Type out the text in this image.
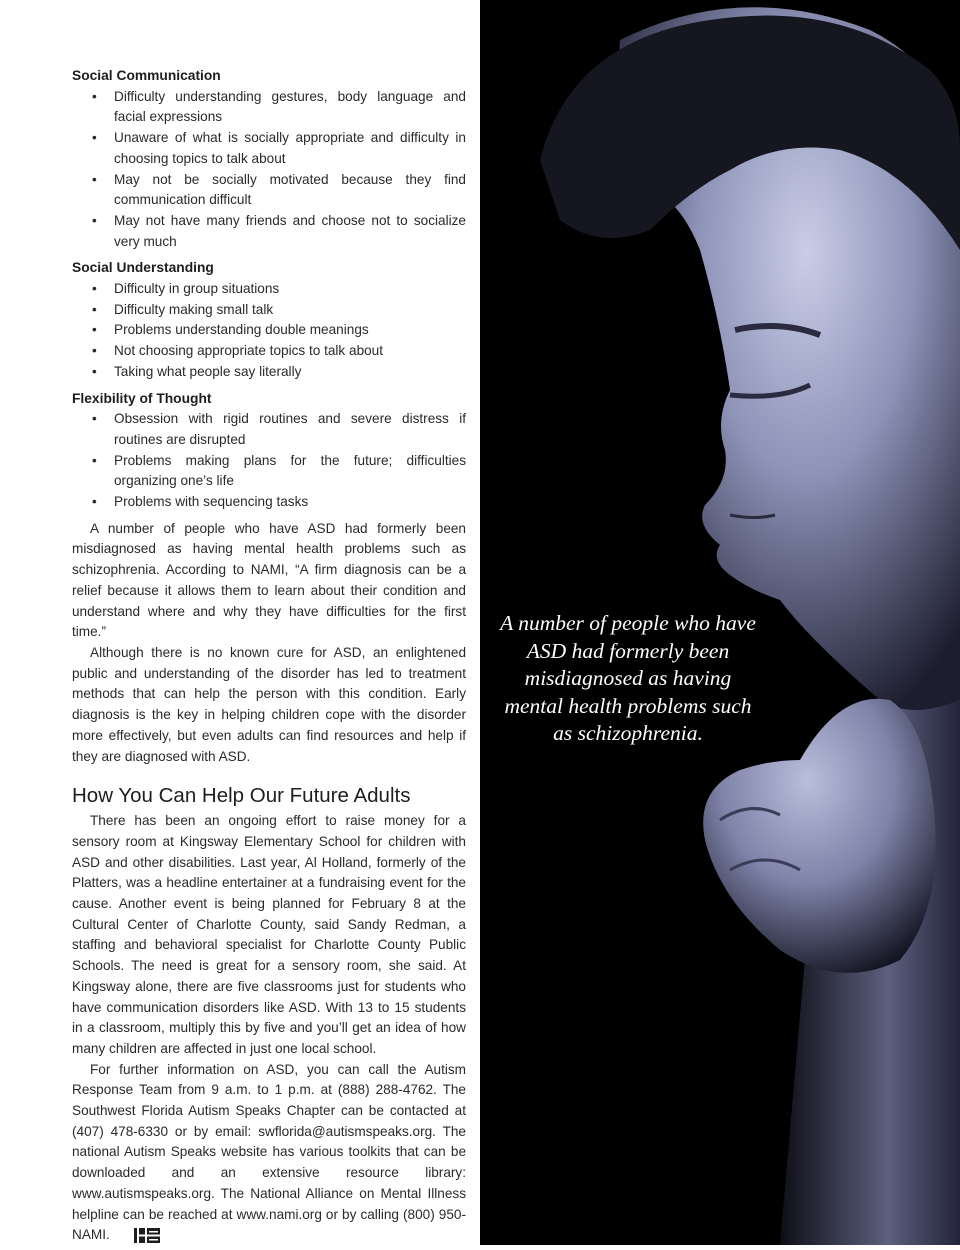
Social Communication
• Difficulty understanding gestures, body language and facial expressions
• Unaware of what is socially appropriate and difficulty in choosing topics to talk about
• May not be socially motivated because they find communication difficult
• May not have many friends and choose not to socialize very much
Social Understanding
• Difficulty in group situations
• Difficulty making small talk
• Problems understanding double meanings
• Not choosing appropriate topics to talk about
• Taking what people say literally
Flexibility of Thought
• Obsession with rigid routines and severe distress if routines are disrupted
• Problems making plans for the future; difficulties organizing one’s life
• Problems with sequencing tasks

A number of people who have ASD had formerly been misdiagnosed as having mental health problems such as schizophrenia. According to NAMI, “A firm diagnosis can be a relief because it allows them to learn about their condition and understand where and why they have difficulties for the first time.”

Although there is no known cure for ASD, an enlightened public and understanding of the disorder has led to treatment methods that can help the person with this condition. Early diagnosis is the key in helping children cope with the disorder more effectively, but even adults can find resources and help if they are diagnosed with ASD.

How You Can Help Our Future Adults

There has been an ongoing effort to raise money for a sensory room at Kingsway Elementary School for children with ASD and other disabilities. Last year, Al Holland, formerly of the Platters, was a headline entertainer at a fundraising event for the cause. Another event is being planned for February 8 at the Cultural Center of Charlotte County, said Sandy Redman, a staffing and behavioral specialist for Charlotte County Public Schools. The need is great for a sensory room, she said. At Kingsway alone, there are five classrooms just for students who have communication disorders like ASD. With 13 to 15 students in a classroom, multiply this by five and you’ll get an idea of how many children are affected in just one local school.

For further information on ASD, you can call the Autism Response Team from 9 a.m. to 1 p.m. at (888) 288-4762. The Southwest Florida Autism Speaks Chapter can be contacted at (407) 478-6330 or by email: swflorida@autismspeaks.org. The national Autism Speaks website has various toolkits that can be downloaded and an extensive resource library: www.autismspeaks.org. The National Alliance on Mental Illness helpline can be reached at www.nami.org or by calling (800) 950-NAMI.

A number of people who have ASD had formerly been misdiagnosed as having mental health problems such as schizophrenia.
